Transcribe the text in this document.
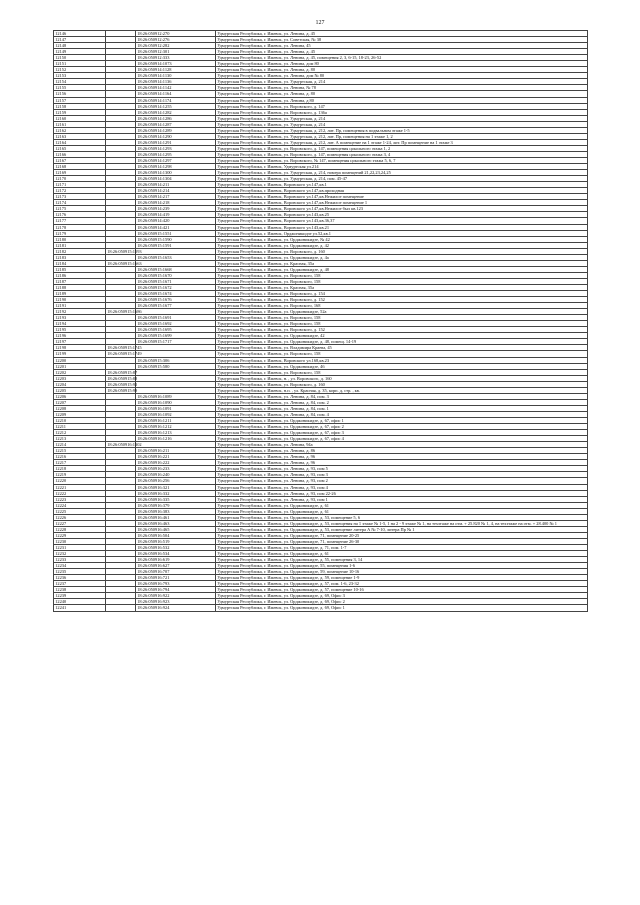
127
12146		18:26:050912:270	Удмуртская Республика, г. Ижевск, ул. Ленина, д. 45
12147		18:26:050912:276	Удмуртская Республика, г. Ижевск, ул. Советская, № 38
12148		18:26:050912:282	Удмуртская Республика, г. Ижевск, ул. Ленина, 45
12149		18:26:050912:301	Удмуртская Республика, г. Ижевск, ул. Ленина, д. 45
12150		18:26:050912:333	Удмуртская Республика, г. Ижевск, ул. Ленина, д. 45, помещения 2, 3, 6-15, 18-23, 26-52
12151		18:26:050914:1073	Удмуртская Республика, г. Ижевск, ул. Ленина, дом 80
12152		18:26:050914:1128	Удмуртская Республика, г. Ижевск, ул. Ленина, д. 80
12153		18:26:050914:1130	Удмуртская Республика, г. Ижевск, ул. Ленина, дом № 80
12154		18:26:050914:1136	Удмуртская Республика, г. Ижевск, ул. Удмуртская, д. 214
12155		18:26:050914:1142	Удмуртская Республика, г. Ижевск, ул. Ленина, № 78
12156		18:26:050914:1164	Удмуртская Республика, г. Ижевск, ул. Ленина, д. 80
12157		18:26:050914:1174	Удмуртская Республика, г. Ижевск, ул. Ленина, д 80
12158		18:26:050914:1255	Удмуртская Республика, г. Ижевск, ул. Воровского, д. 147
12159		18:26:050914:1282	Удмуртская Республика, г. Ижевск, ул. Воровского, д. 136а
12160		18:26:050914:1286	Удмуртская Республика, г. Ижевск, ул. Удмуртская, д. 214
12161		18:26:050914:1287	Удмуртская Республика, г. Ижевск, ул. Удмуртская, д. 214
12162		18:26:050914:1289	Удмуртская Республика, г. Ижевск, ул. Удмуртская, д. 212, лит. Пр, помещения в подвальном этаже 1-5
12163		18:26:050914:1290	Удмуртская Республика, г. Ижевск, ул. Удмуртская, д. 212, лит. Пр, помещения на 1 этаже 1, 2
12164		18:26:050914:1291	Удмуртская Республика, г. Ижевск, ул. Удмуртская, д. 212, лит. А помещение на 1 этаже 1-24, лит. Пр помещение на 1 этаже 3
12165		18:26:050914:1293	Удмуртская Республика, г. Ижевск, ул. Воровского, д. 147, помещения цокольного этажа 1, 2
12166		18:26:050914:1295	Удмуртская Республика, г. Ижевск, ул. Воровского, д. 147, помещения цокольного этажа 3, 4
12167		18:26:050914:1297	Удмуртская Республика, г. Ижевск, ул. Воровского, № 147, помещения цокольного этажа 5, 6, 7
12168		18:26:050914:1298	Удмуртская Республика, г. Ижевск, Удмуртская ул.214
12169		18:26:050914:1300	Удмуртская Республика, г. Ижевск, ул. Удмуртская, д. 214, номера помещений 21,22,23,24,25
12170		18:26:050914:1304	Удмуртская Республика, г. Ижевск, ул. Удмуртская, д. 214, пом. 45-47
12171		18:26:050914:211	Удмуртская Республика, г. Ижевск, Воровского ул.147,кв.1
12172		18:26:050914:214	Удмуртская Республика, г. Ижевск, Воровского ул.147,кв.проходная
12173		18:26:050914:217	Удмуртская Республика, г. Ижевск, Воровского ул.147,кв.Нежилое помещение
12174		18:26:050914:218	Удмуртская Республика, г. Ижевск, Воровского ул.147,кв.Нежилое помещение 1
12175		18:26:050914:239	Удмуртская Республика, г. Ижевск, Воровского ул.147,кв.Нежилое был кв.123
12176		18:26:050914:419	Удмуртская Республика, г. Ижевск, Воровского ул.143,кв.25
12177		18:26:050914:420	Удмуртская Республика, г. Ижевск, Воровского ул.143,кв.36,37
12178		18:26:050914:421	Удмуртская Республика, г. Ижевск, Воровского ул.143,кв.21
12179		18:26:050915:1551	Удмуртская Республика, г. Ижевск, Орджоникидзе ул.52,кв.1
12180		18:26:050915:1590	Удмуртская Республика, г. Ижевск, ул. Орджоникидзе, № 42
12181		18:26:050915:1591	Удмуртская Республика, г. Ижевск, ул. Орджоникидзе, д. 42
12182	18:26:050915:1593		Удмуртская Республика, г. Ижевск, ул. Воровского, д. 160
12183		18:26:050915:1653	Удмуртская Республика, г. Ижевск, ул. Орджоникидзе, д. 4а
12184	18:26:050915:1663		Удмуртская Республика, г. Ижевск, ул. Красная, 35а
12185		18:26:050915:1668	Удмуртская Республика, г. Ижевск, ул. Орджоникидзе, д. 48
12186		18:26:050915:1670	Удмуртская Республика, г. Ижевск, ул. Воровского, 158
12187		18:26:050915:1671	Удмуртская Республика, г. Ижевск, ул. Воровского, 158
12188		18:26:050915:1672	Удмуртская Республика, г. Ижевск, ул. Красная, 35а
12189		18:26:050915:1674	Удмуртская Республика, г. Ижевск, ул. Воровского, д. 154
12190		18:26:050915:1676	Удмуртская Республика, г. Ижевск, ул. Воровского, д. 152
12191		18:26:050915:1677	Удмуртская Республика, г. Ижевск, ул. Воровского, 168
12192	18:26:050915:1686		Удмуртская Республика, г. Ижевск, ул. Орджоникидзе, 52а
12193		18:26:050915:1691	Удмуртская Республика, г. Ижевск, ул. Воровского, 158
12194		18:26:050915:1692	Удмуртская Республика, г. Ижевск, ул. Воровского, 158
12195		18:26:050915:1695	Удмуртская Республика, г. Ижевск, ул. Воровского, д. 152
12196		18:26:050915:1699	Удмуртская Республика, г. Ижевск, ул. Орджоникидзе, 42
12197		18:26:050915:1717	Удмуртская Республика, г. Ижевск, ул. Орджоникидзе, д. 48, помещ. 14-19
12198	18:26:050915:1745		Удмуртская Республика, г. Ижевск, ул. Владимира Краева, 45
12199	18:26:050915:1749		Удмуртская Республика, г. Ижевск, ул. Воровского, 158
12200		18:26:050915:306	Удмуртская Республика, г. Ижевск, Воровского ул.168,кв.23
12201		18:26:050915:580	Удмуртская Республика, г. Ижевск, ул. Орджоникидзе, 46
12202	18:26:050915:87		Удмуртская Республика, г. Ижевск, ул. Воровского, 158
12203	18:26:050915:88		Удмуртская Республика, г. Ижевск, н. , ул. Воровского, д. 160
12204	18:26:050915:92		Удмуртская Республика, г. Ижевск, ул. Воровского, д. 160
12205	18:26:050915:99		Удмуртская Республика, г. Ижевск, н.п. , ул. Красная, д. 35, корп. д, стр. , кв.
12206		18:26:050916:1089	Удмуртская Республика, г. Ижевск, ул. Ленина, д. 84, пом. 3
12207		18:26:050916:1090	Удмуртская Республика, г. Ижевск, ул. Ленина, д. 84, пом. 2
12208		18:26:050916:1091	Удмуртская Республика, г. Ижевск, ул. Ленина, д. 84, пом. 1
12209		18:26:050916:1092	Удмуртская Республика, г. Ижевск, ул. Ленина, д. 84, пом. 4
12210		18:26:050916:1211	Удмуртская Республика, г. Ижевск, ул. Орджоникидзе, д. 67, офис 1
12211		18:26:050916:1212	Удмуртская Республика, г. Ижевск, ул. Орджоникидзе, д. 67, офис 2
12212		18:26:050916:1213	Удмуртская Республика, г. Ижевск, ул. Орджоникидзе, д. 67, офис 3
12213		18:26:050916:1216	Удмуртская Республика, г. Ижевск, ул. Орджоникидзе, д. 67, офис 4
12214	18:26:050916:1302		Удмуртская Республика, г. Ижевск, ул. Ленина, 94а
12215		18:26:050916:211	Удмуртская Республика, г. Ижевск, ул. Ленина, д. 86
12216		18:26:050916:221	Удмуртская Республика, г. Ижевск, ул. Ленина, д. 96
12217		18:26:050916:222	Удмуртская Республика, г. Ижевск, ул. Ленина, д. 96
12218		18:26:050916:233	Удмуртская Республика, г. Ижевск, ул. Ленина, д. 93, пом 5
12219		18:26:050916:240	Удмуртская Республика, г. Ижевск, ул. Ленина, д. 93, пом 3
12220		18:26:050916:256	Удмуртская Республика, г. Ижевск, ул. Ленина, д. 93, пом 2
12221		18:26:050916:321	Удмуртская Республика, г. Ижевск, ул. Ленина, д. 93, пом 4
12222		18:26:050916:332	Удмуртская Республика, г. Ижевск, ул. Ленина, д. 93, пом 22-26
12223		18:26:050916:335	Удмуртская Республика, г. Ижевск, ул. Ленина, д. 93, пом 1
12224		18:26:050916:379	Удмуртская Республика, г. Ижевск, ул. Орджоникидзе, д. 61
12225		18:26:050916:383	Удмуртская Республика, г. Ижевск, ул. Орджоникидзе, д. 61
12226		18:26:050916:461	Удмуртская Республика, г. Ижевск, ул. Орджоникидзе, д. 53, помещение 5, 6
12227		18:26:050916:463	Удмуртская Республика, г. Ижевск, ул. Орджоникидзе, д. 53, помещения на 1 этаже № 1-5, 1 на 2 - 9 этаже № 1, на техэтаже на отм. + 25.820 № 1, 4, на техэтаже на отм. + 28.400 № 1
12228		18:26:050916:465	Удмуртская Республика, г. Ижевск, ул. Орджоникидзе, д. 53, помещение литера А № 7-10, литера Пр № 1
12229		18:26:050916:504	Удмуртская Республика, г. Ижевск, ул. Орджоникидзе, 71, помещение 20-25
12230		18:26:050916:519	Удмуртская Республика, г. Ижевск, ул. Орджоникидзе, 71, помещение 26-30
12231		18:26:050916:532	Удмуртская Республика, г. Ижевск, ул. Орджоникидзе, д. 71, пом. 1-7
12232		18:26:050916:534	Удмуртская Республика, г. Ижевск, ул. Орджоникидзе, д. 61
12233		18:26:050916:619	Удмуртская Республика, г. Ижевск, ул. Орджоникидзе, д. 55, помещения 3, 14
12234		18:26:050916:627	Удмуртская Республика, г. Ижевск, ул. Орджоникидзе, 55, помещения 1-6
12235		18:26:050916:707	Удмуртская Республика, г. Ижевск, ул. Орджоникидзе, 59, помещение 10-16
12236		18:26:050916:721	Удмуртская Республика, г. Ижевск, ул. Орджоникидзе, д. 59, помещение 1-9
12237		18:26:050916:793	Удмуртская Республика, г. Ижевск, ул. Орджоникидзе, д. 57, пом. 1-6, 23-32
12238		18:26:050916:794	Удмуртская Республика, г. Ижевск, ул. Орджоникидзе, д. 57, помещение 10-16
12239		18:26:050916:922	Удмуртская Республика, г. Ижевск, ул. Орджоникидзе, д. 69, Офис 3
12240		18:26:050916:923	Удмуртская Республика, г. Ижевск, ул. Орджоникидзе, д. 69, Офис 2
12241		18:26:050916:924	Удмуртская Республика, г. Ижевск, ул. Орджоникидзе, д. 69, Офис 1
